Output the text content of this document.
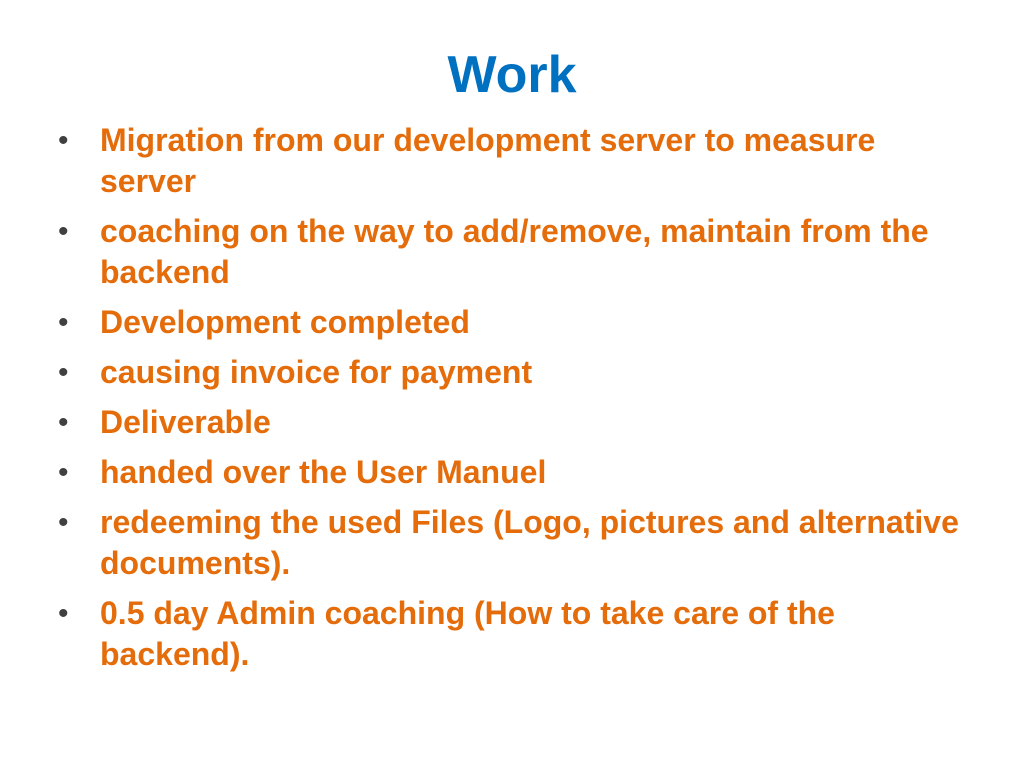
Work
• Migration from our development server to measure server
• coaching on the way to add/remove, maintain from the backend
• Development completed
• causing invoice for payment
• Deliverable
• handed over the User Manuel
• redeeming the used Files (Logo, pictures and alternative documents).
• 0.5 day Admin coaching (How to take care of the backend).
